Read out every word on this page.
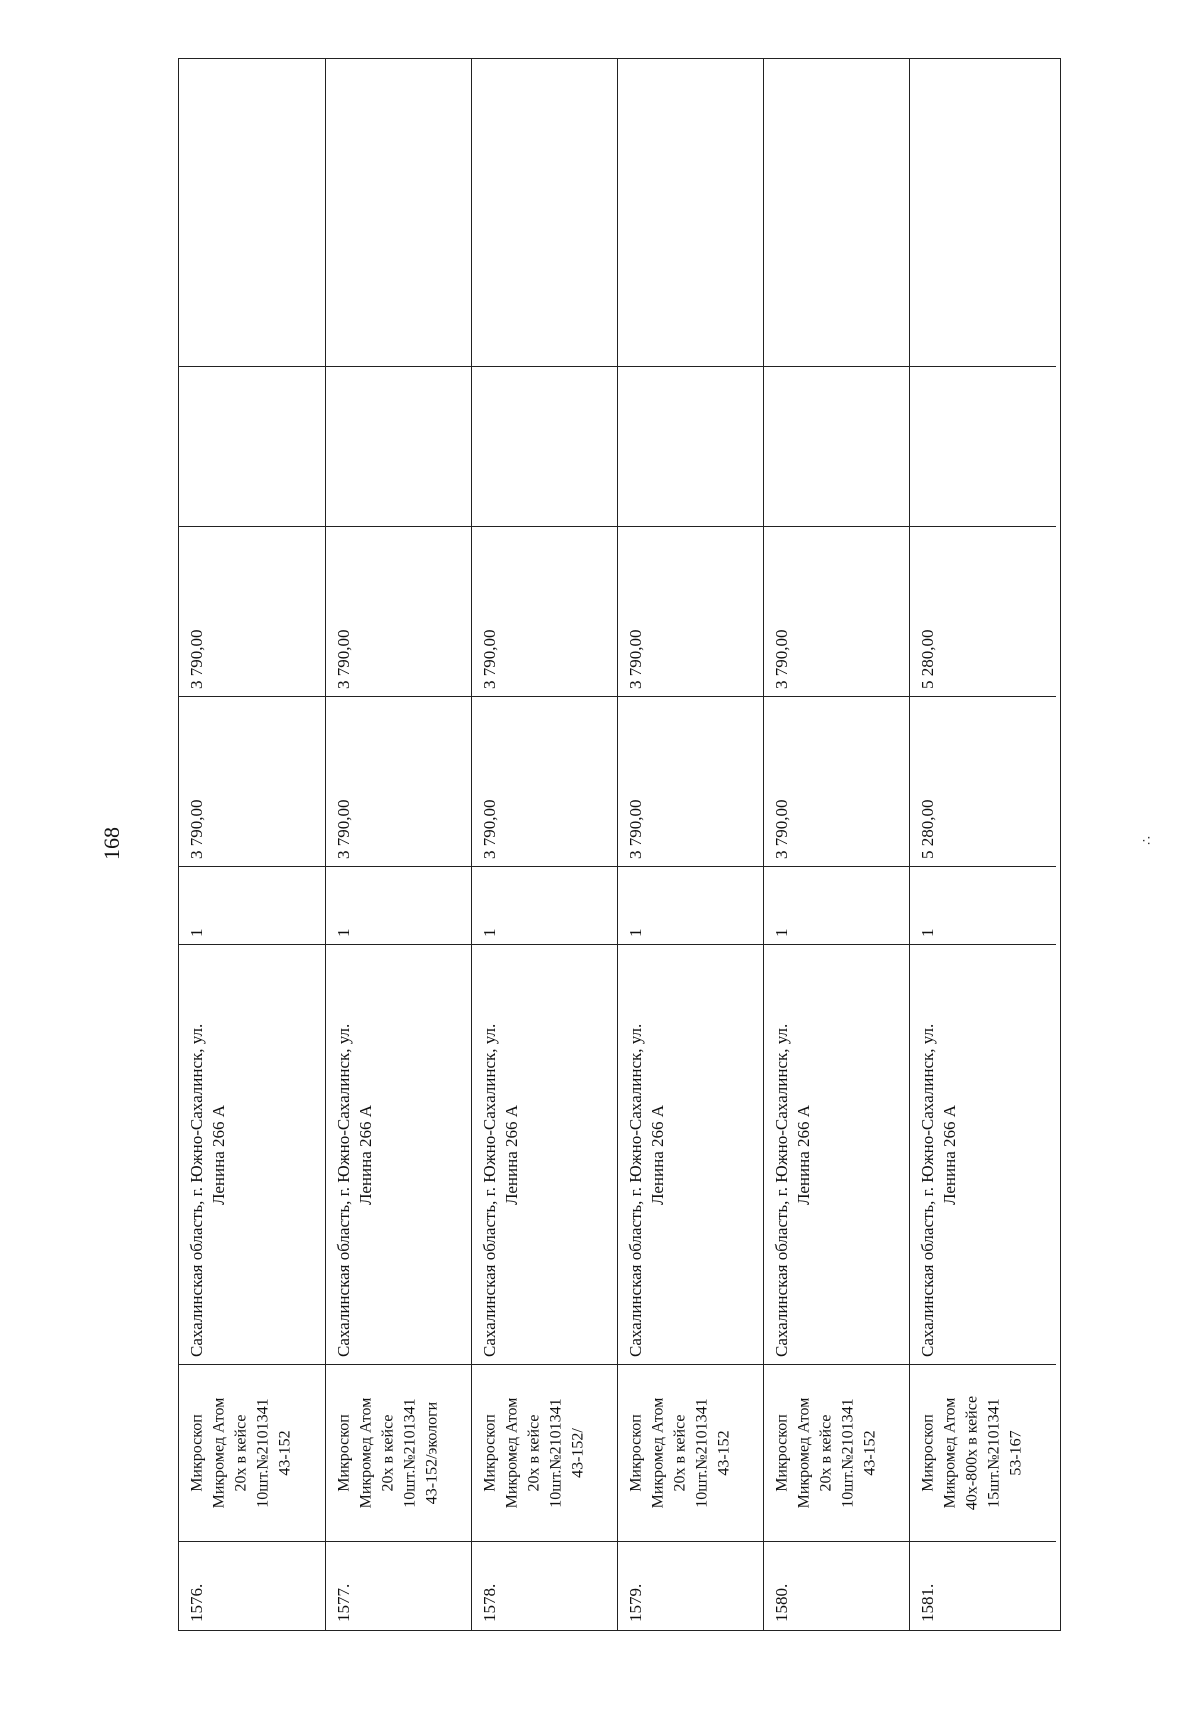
168
1576.
Микроскоп Микромед Атом 20х в кейсе 10шт.№2101341 43-152
Сахалинская область, г. Южно-Сахалинск, ул. Ленина 266 А
1
3 790,00
3 790,00
1577.
Микроскоп Микромед Атом 20х в кейсе 10шт.№2101341 43-152/экологи
Сахалинская область, г. Южно-Сахалинск, ул. Ленина 266 А
1
3 790,00
3 790,00
1578.
Микроскоп Микромед Атом 20х в кейсе 10шт.№2101341 43-152/
Сахалинская область, г. Южно-Сахалинск, ул. Ленина 266 А
1
3 790,00
3 790,00
1579.
Микроскоп Микромед Атом 20х в кейсе 10шт.№2101341 43-152
Сахалинская область, г. Южно-Сахалинск, ул. Ленина 266 А
1
3 790,00
3 790,00
1580.
Микроскоп Микромед Атом 20х в кейсе 10шт.№2101341 43-152
Сахалинская область, г. Южно-Сахалинск, ул. Ленина 266 А
1
3 790,00
3 790,00
1581.
Микроскоп Микромед Атом 40х-800х в кейсе 15шт.№2101341 53-167
Сахалинская область, г. Южно-Сахалинск, ул. Ленина 266 А
1
5 280,00
5 280,00
∴
